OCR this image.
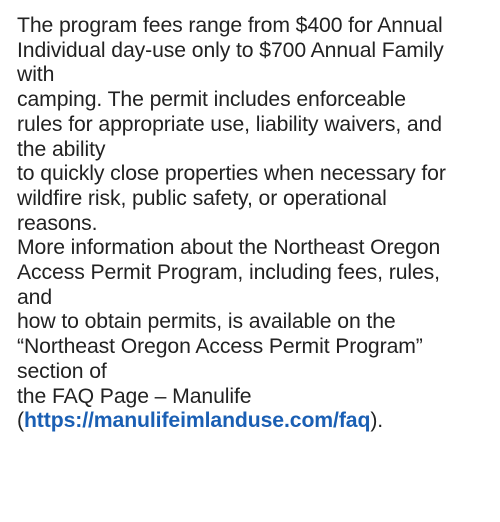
The program fees range from $400 for Annual
Individual day-use only to $700 Annual Family
with
camping. The permit includes enforceable
rules for appropriate use, liability waivers, and
the ability
to quickly close properties when necessary for
wildfire risk, public safety, or operational
reasons.
More information about the Northeast Oregon
Access Permit Program, including fees, rules,
and
how to obtain permits, is available on the
“Northeast Oregon Access Permit Program”
section of
the FAQ Page – Manulife
(https://manulifeimlanduse.com/faq).
